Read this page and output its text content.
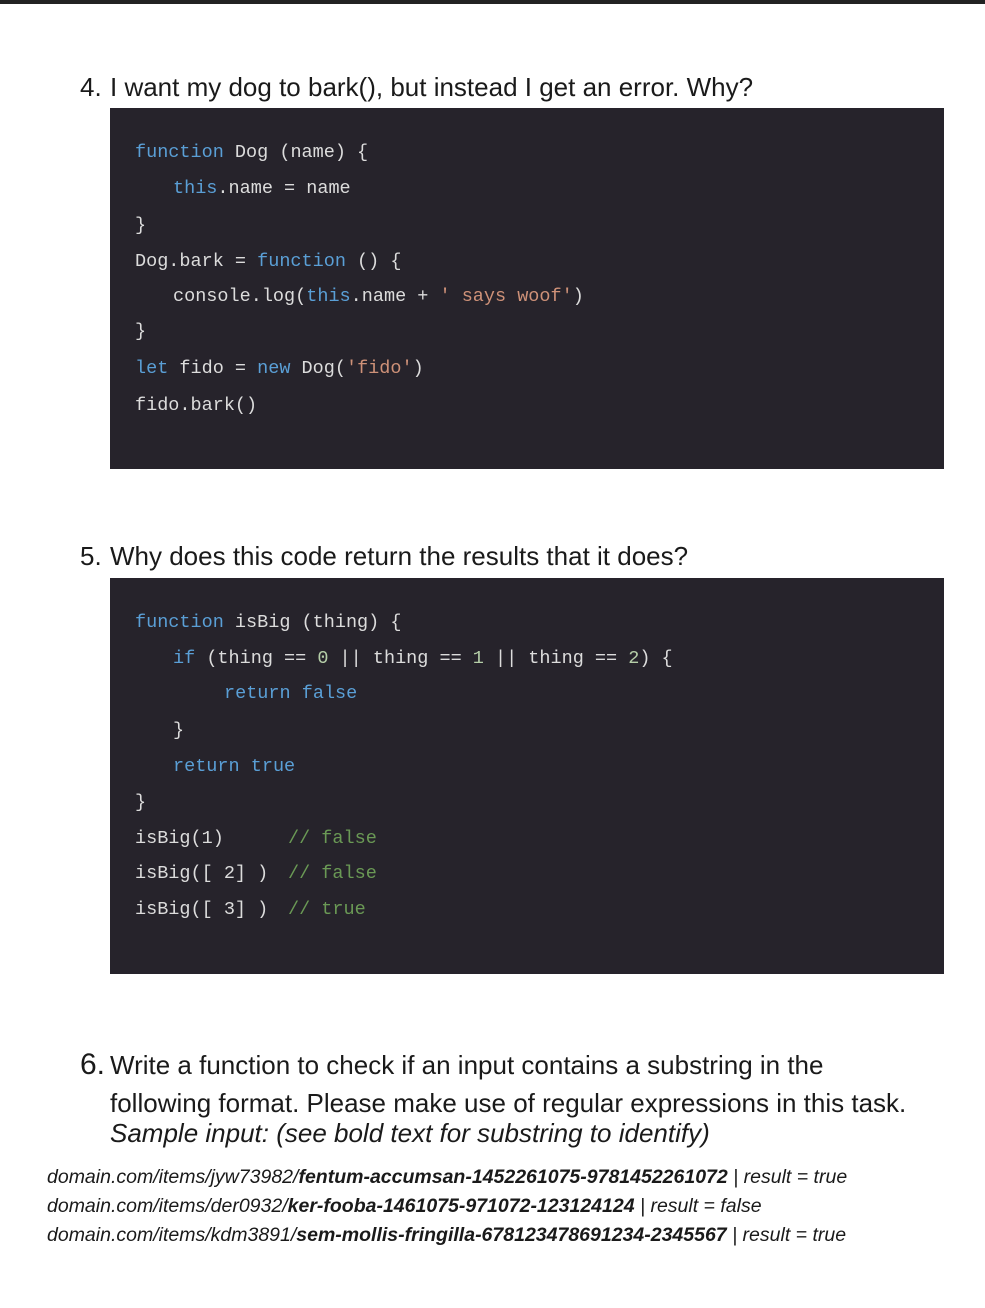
4. I want my dog to bark(), but instead I get an error. Why?
function Dog (name) {
this.name = name
}
Dog.bark = function () {
console.log(this.name + ' says woof')
}
let fido = new Dog('fido')
fido.bark()
5. Why does this code return the results that it does?
function isBig (thing) {
if (thing == 0 || thing == 1 || thing == 2) {
return false
}
return true
}
isBig(1)	// false
isBig([ 2] ) // false
isBig([ 3] ) // true
6. Write a function to check if an input contains a substring in the
following format. Please make use of regular expressions in this task.
Sample input: (see bold text for substring to identify)
domain.com/items/jyw73982/fentum-accumsan-1452261075-9781452261072 | result = true
domain.com/items/der0932/ker-fooba-1461075-971072-123124124 | result = false
domain.com/items/kdm3891/sem-mollis-fringilla-678123478691234-2345567 | result = true
